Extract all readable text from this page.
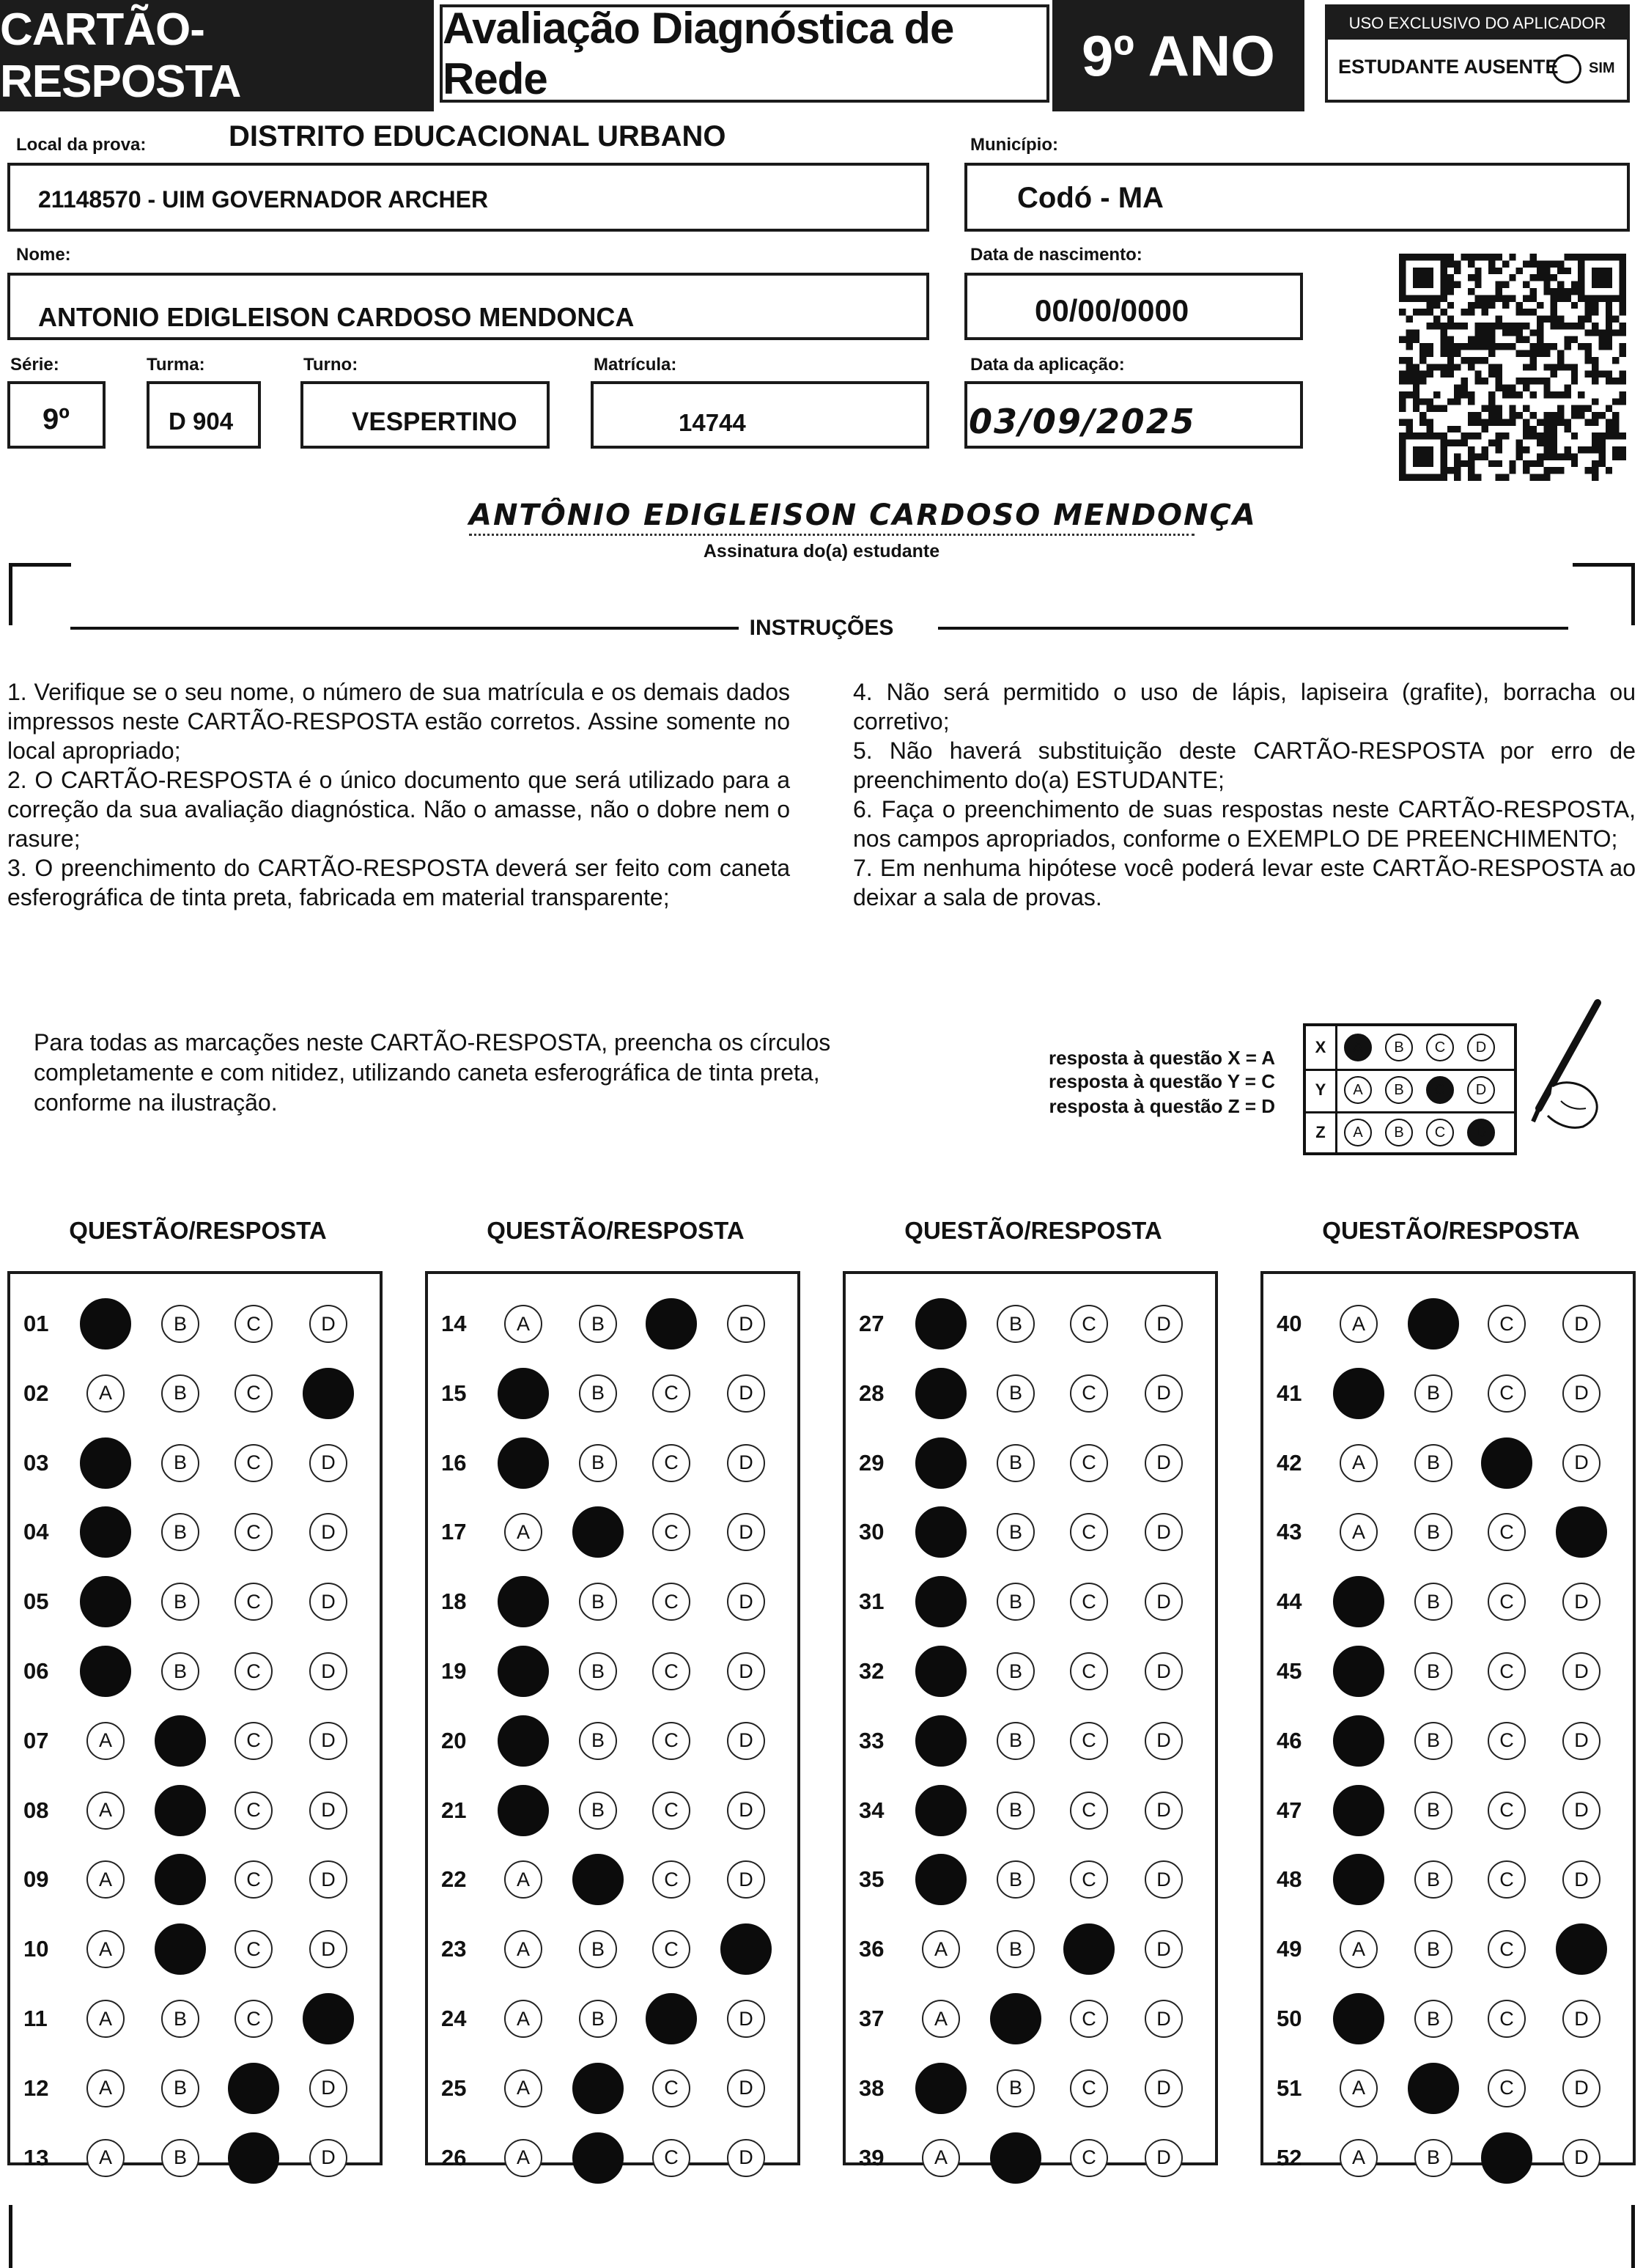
CARTÃO-RESPOSTA
Avaliação Diagnóstica de Rede	9º ANO	USO EXCLUSIVO DO APLICADOR
ESTUDANTE AUSENTE SIM
Local da prova:	DISTRITO EDUCACIONAL URBANO
21148570 - UIM GOVERNADOR ARCHER
Município:
Codó - MA
Nome:
ANTONIO EDIGLEISON CARDOSO MENDONCA
Data de nascimento:
00/00/0000
Série:
9º
Turma:
D 904
Turno:
VESPERTINO
Matrícula:
14744
Data da aplicação:
03/09/2025
ANTÔNIO EDIGLEISON CARDOSO MENDONÇA
Assinatura do(a) estudante
INSTRUÇÕES

1. Verifique se o seu nome, o número de sua matrícula e os demais dados impressos neste CARTÃO-RESPOSTA estão corretos. Assine somente no local apropriado;

2. O CARTÃO-RESPOSTA é o único documento que será utilizado para a correção da sua avaliação diagnóstica. Não o amasse, não o dobre nem o rasure;

3. O preenchimento do CARTÃO-RESPOSTA deverá ser feito com caneta esferográfica de tinta preta, fabricada em material transparente;

4. Não será permitido o uso de lápis, lapiseira (grafite), borracha ou corretivo;

5. Não haverá substituição deste CARTÃO-RESPOSTA por erro de preenchimento do(a) ESTUDANTE;

6. Faça o preenchimento de suas respostas neste CARTÃO-RESPOSTA, nos campos apropriados, conforme o EXEMPLO DE PREENCHIMENTO;

7. Em nenhuma hipótese você poderá levar este CARTÃO-RESPOSTA ao deixar a sala de provas.

Para todas as marcações neste CARTÃO-RESPOSTA, preencha os círculos completamente e com nitidez, utilizando caneta esferográfica de tinta preta, conforme na ilustração.
resposta à questão X = A
resposta à questão Y = C
resposta à questão Z = D
X	A	B	C	D
Y	A	B	C	D
Z	A	B	C	D
QUESTÃO/RESPOSTA
01	B	C	D
02	A	B	C
03	B	C	D
04	B	C	D
05	B	C	D
06	B	C	D
07	A	C	D
08	A	C	D
09	A	C	D
10	A	C	D
11	A	B	C
12	A	B	D
13	A	B	D
QUESTÃO/RESPOSTA
14	A	B	D
15	B	C	D
16	B	C	D
17	A	C	D
18	B	C	D
19	B	C	D
20	B	C	D
21	B	C	D
22	A	C	D
23	A	B	C
24	A	B	D
25	A	C	D
26	A	C	D
QUESTÃO/RESPOSTA
27	B	C	D
28	B	C	D
29	B	C	D
30	B	C	D
31	B	C	D
32	B	C	D
33	B	C	D
34	B	C	D
35	B	C	D
36	A	B	D
37	A	C	D
38	B	C	D
39	A	C	D
QUESTÃO/RESPOSTA
40	A	C	D
41	B	C	D
42	A	B	D
43	A	B	C
44	B	C	D
45	B	C	D
46	B	C	D
47	B	C	D
48	B	C	D
49	A	B	C
50	B	C	D
51	A	C	D
52	A	B	D
